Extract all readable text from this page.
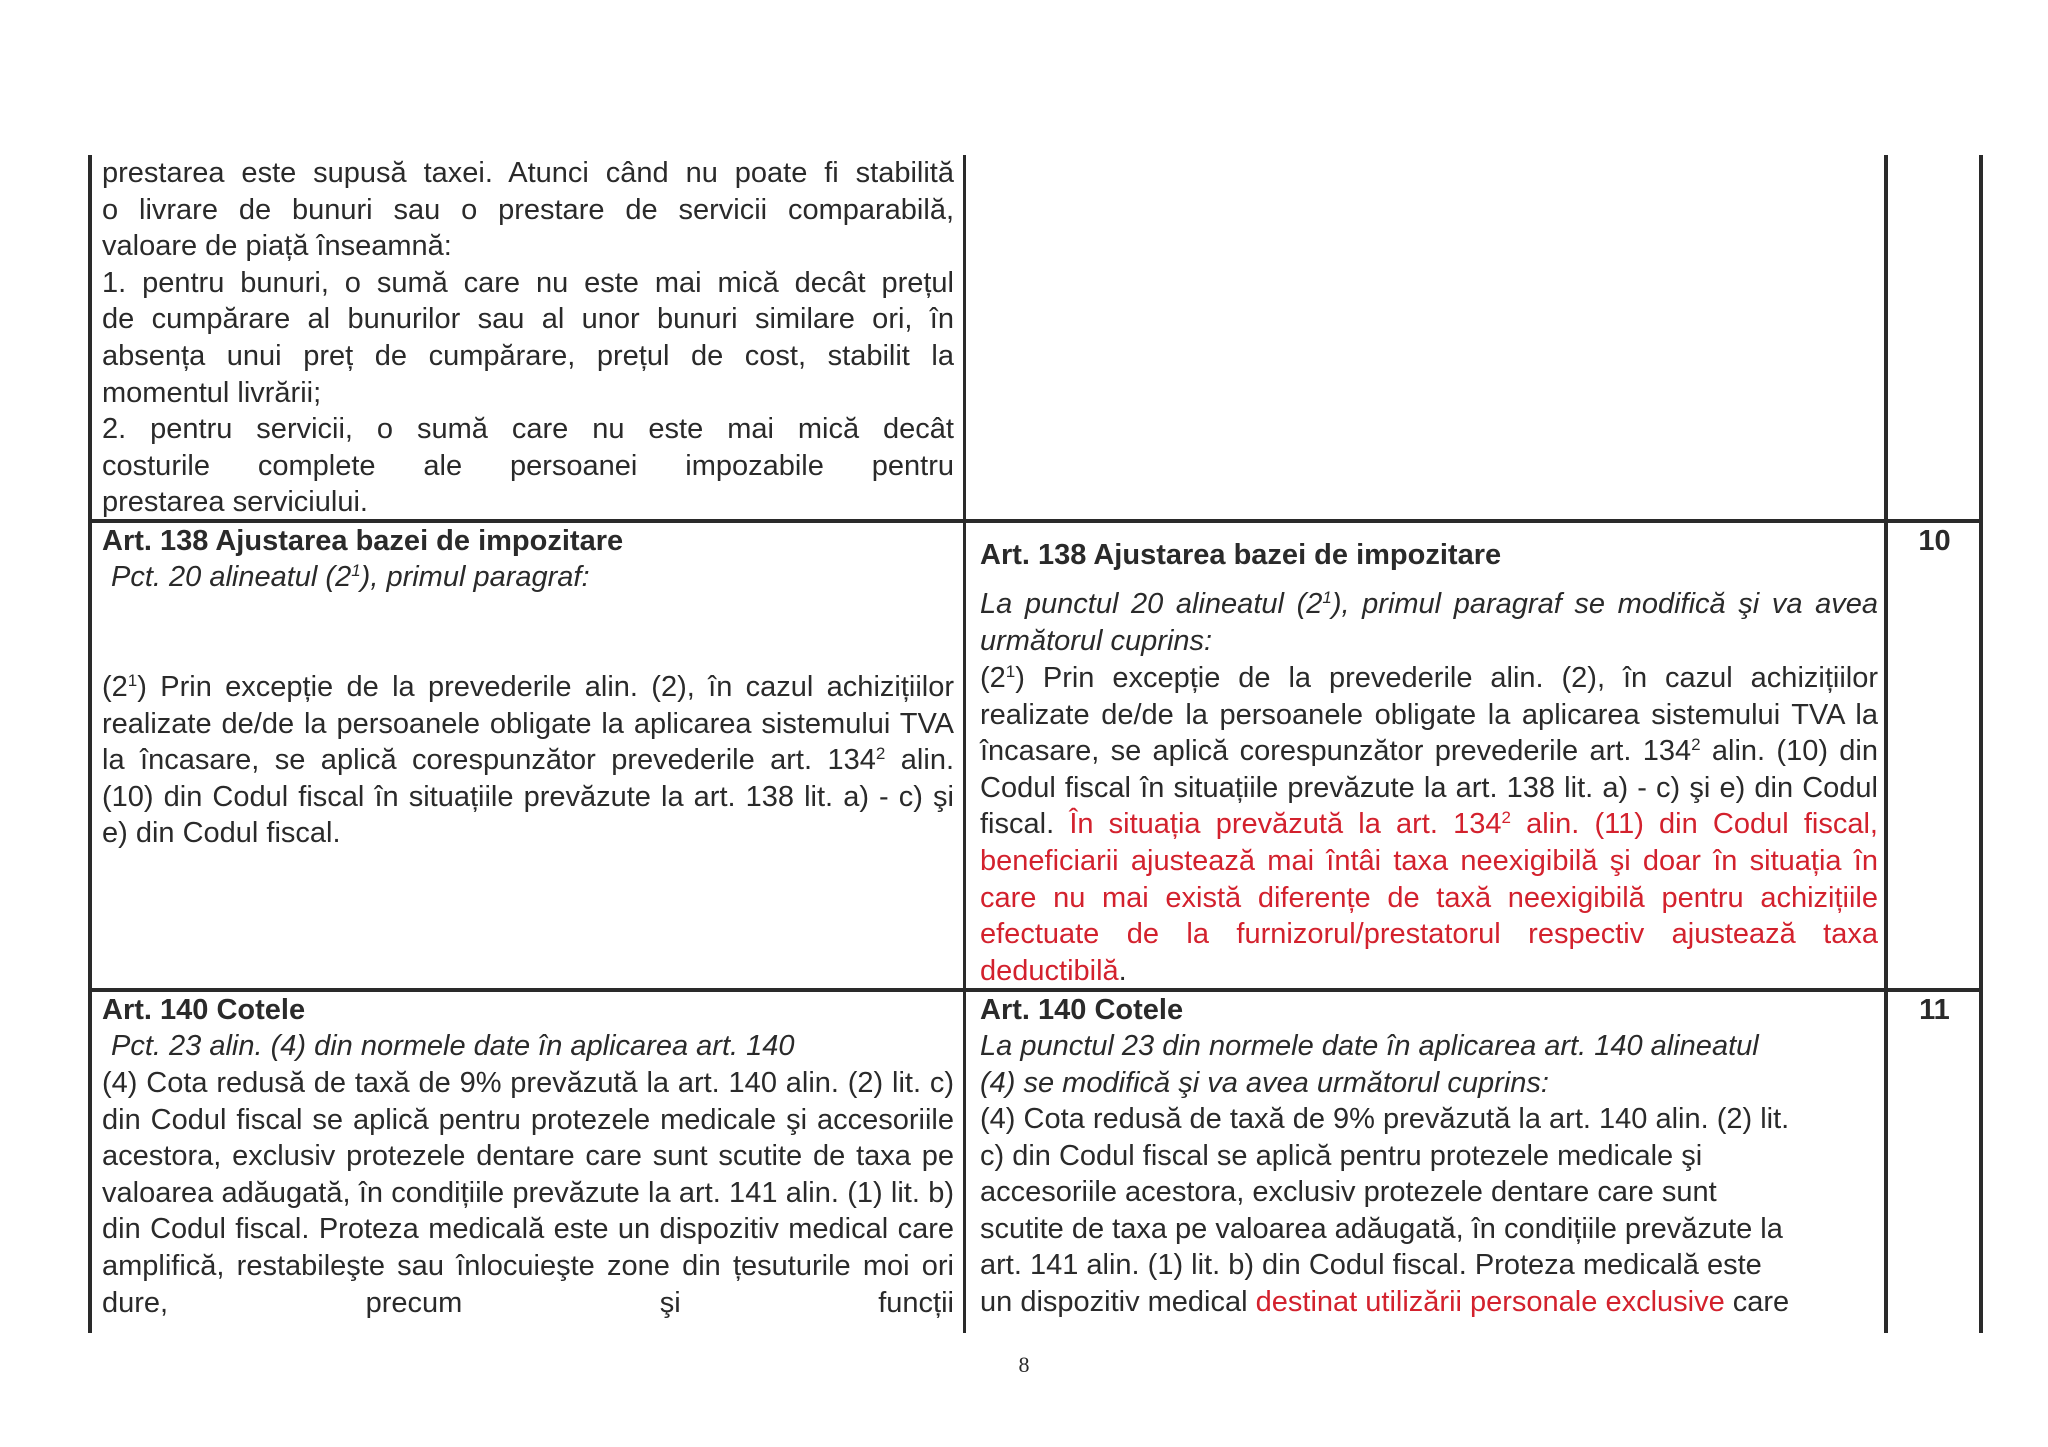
prestarea este supusă taxei. Atunci când nu poate fi stabilită
o livrare de bunuri sau o prestare de servicii comparabilă,
valoare de piață înseamnă:
1. pentru bunuri, o sumă care nu este mai mică decât prețul
de cumpărare al bunurilor sau al unor bunuri similare ori, în
absența unui preț de cumpărare, prețul de cost, stabilit la
momentul livrării;
2. pentru servicii, o sumă care nu este mai mică decât
costurile complete ale persoanei impozabile pentru
prestarea serviciului.
Art. 138 Ajustarea bazei de impozitare
Pct. 20 alineatul $(2^1)$, primul paragraf:
$(2^1)$ Prin excepție de la prevederile alin. (2), în cazul achizițiilor realizate de/de la persoanele obligate la aplicarea sistemului TVA la încasare, se aplică corespunzător prevederile art. $134^2$ alin. (10) din Codul fiscal în situațiile prevăzute la art. 138 lit. a) - c) şi e) din Codul fiscal.
Art. 138 Ajustarea bazei de impozitare
La punctul 20 alineatul $(2^1)$, primul paragraf se modifică şi va avea următorul cuprins:
$(2^1)$ Prin excepție de la prevederile alin. (2), în cazul achizițiilor realizate de/de la persoanele obligate la aplicarea sistemului TVA la încasare, se aplică corespunzător prevederile art. $134^2$ alin. (10) din Codul fiscal în situațiile prevăzute la art. 138 lit. a) - c) şi e) din Codul fiscal. În situația prevăzută la art. $134^2$ alin. (11) din Codul fiscal, beneficiarii ajustează mai întâi taxa neexigibilă şi doar în situația în care nu mai există diferențe de taxă neexigibilă pentru achizițiile efectuate de la furnizorul/prestatorul respectiv ajustează taxa deductibilă.
10
Art. 140 Cotele
Pct. 23 alin. (4) din normele date în aplicarea art. 140
(4) Cota redusă de taxă de 9% prevăzută la art. 140 alin. (2) lit. c) din Codul fiscal se aplică pentru protezele medicale şi accesoriile acestora, exclusiv protezele dentare care sunt scutite de taxa pe valoarea adăugată, în condițiile prevăzute la art. 141 alin. (1) lit. b) din Codul fiscal. Proteza medicală este un dispozitiv medical care amplifică, restabileşte sau înlocuieşte zone din țesuturile moi ori dure, precum şi funcții
Art. 140 Cotele
La punctul 23 din normele date în aplicarea art. 140 alineatul
(4) se modifică şi va avea următorul cuprins:
(4) Cota redusă de taxă de 9% prevăzută la art. 140 alin. (2) lit.
c) din Codul fiscal se aplică pentru protezele medicale şi
accesoriile acestora, exclusiv protezele dentare care sunt
scutite de taxa pe valoarea adăugată, în condițiile prevăzute la
art. 141 alin. (1) lit. b) din Codul fiscal. Proteza medicală este
un dispozitiv medical destinat utilizării personale exclusive care
11
8
